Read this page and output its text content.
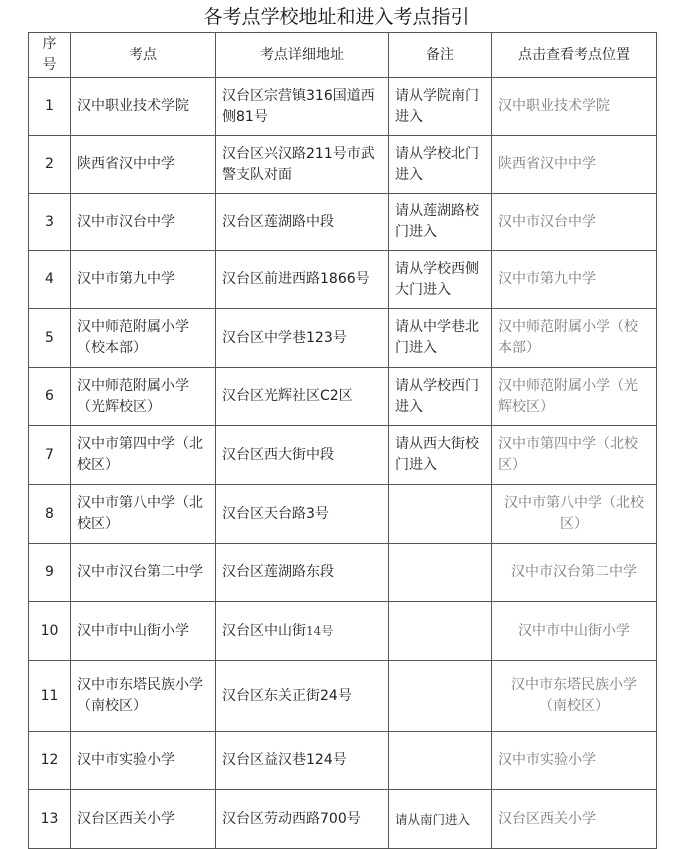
各考点学校地址和进入考点指引
序号	考点	考点详细地址	备注	点击查看考点位置
1	汉中职业技术学院	汉台区宗营镇316国道西侧81号	请从学院南门进入	汉中职业技术学院
2	陕西省汉中中学	汉台区兴汉路211号市武警支队对面	请从学校北门进入	陕西省汉中中学
3	汉中市汉台中学	汉台区莲湖路中段	请从莲湖路校门进入	汉中市汉台中学
4	汉中市第九中学	汉台区前进西路1866号	请从学校西侧大门进入	汉中市第九中学
5	汉中师范附属小学（校本部）	汉台区中学巷123号	请从中学巷北门进入	汉中师范附属小学（校本部）
6	汉中师范附属小学（光辉校区）	汉台区光辉社区C2区	请从学校西门进入	汉中师范附属小学（光辉校区）
7	汉中市第四中学（北校区）	汉台区西大街中段	请从西大街校门进入	汉中市第四中学（北校区）
8	汉中市第八中学（北校区）	汉台区天台路3号		汉中市第八中学（北校区）
9	汉中市汉台第二中学	汉台区莲湖路东段		汉中市汉台第二中学
10	汉中市中山街小学	汉台区中山街14号		汉中市中山街小学
11	汉中市东塔民族小学（南校区）	汉台区东关正街24号		汉中市东塔民族小学（南校区）
12	汉中市实验小学	汉台区益汉巷124号		汉中市实验小学
13	汉台区西关小学	汉台区劳动西路700号	请从南门进入	汉台区西关小学
